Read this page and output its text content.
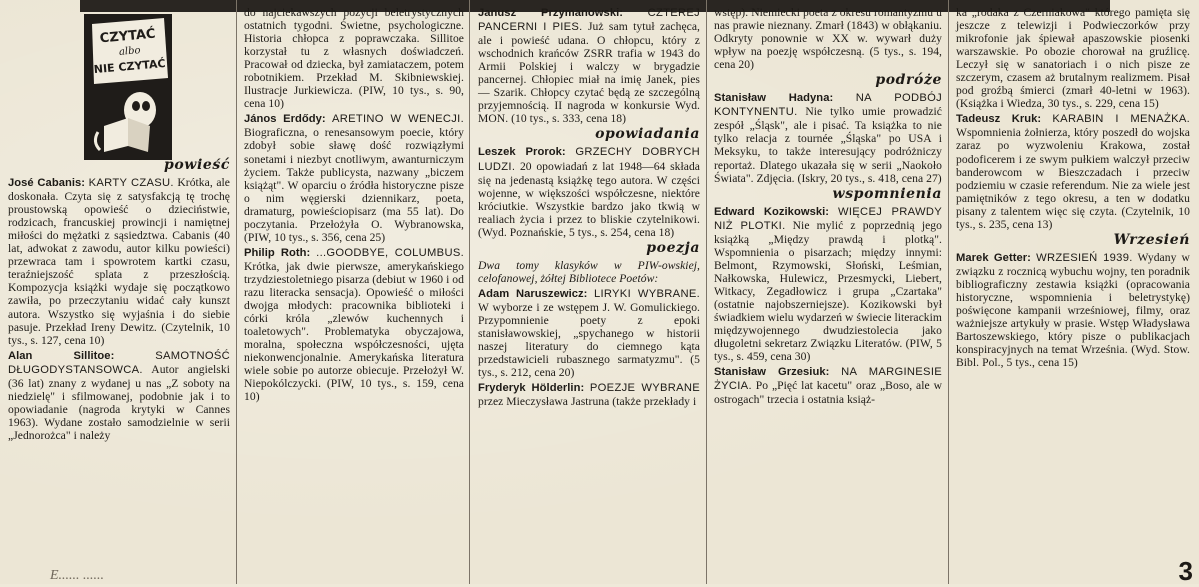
CZYTAĆ
albo
NIE CZYTAĆ
powieść

José Cabanis: KARTY CZASU. Krótka, ale doskonała. Czyta się z satysfakcją tę trochę proustowską opowieść o dzieciństwie, rodzicach, francuskiej prowincji i namiętnej miłości do mężatki z sąsiedztwa. Cabanis (40 lat, adwokat z zawodu, autor kilku powieści) przewraca tam i spowrotem kartki czasu, teraźniejszość splata z przeszłością. Kompozycja książki wydaje się początkowo zawiła, po przeczytaniu widać cały kunszt autora. Wszystko się wyjaśnia i do siebie pasuje. Przekład Ireny Dewitz. (Czytelnik, 10 tys., s. 127, cena 10)

Alan Sillitoe:	SAMOTNOŚĆ DŁUGODYSTANSOWCA. Autor angielski (36 lat) znany z wydanej u nas „Z soboty na niedzielę" i sfilmowanej, podobnie jak i to opowiadanie (nagroda krytyki w Cannes 1963). Wydane zostało samodzielnie w serii „Jednorożca" i należy

do najciekawszych pozycji beletrystycznych ostatnich tygodni. Świetne, psychologiczne. Historia chłopca z poprawczaka. Sillitoe korzystał tu z własnych doświadczeń. Pracował od dziecka, był zamiataczem, potem robotnikiem. Przekład M. Skibniewskiej. Ilustracje Jurkiewicza. (PIW, 10 tys., s. 90, cena 10)

János Erdődy: ARETINO W WENECJI. Biograficzna, o renesansowym poecie, który zdobył sobie sławę dość rozwiązłymi sonetami i niezbyt cnotliwym, awanturniczym życiem. Także publicysta, nazwany „biczem książąt". W oparciu o źródła historyczne pisze o nim węgierski dziennikarz, poeta, dramaturg, powieściopisarz (ma 55 lat). Do poczytania. Przełożyła O. Wybranowska, (PIW, 10 tys., s. 356, cena 25)

Philip Roth: ...GOODBYE, COLUMBUS. Krótka, jak dwie pierwsze, amerykańskiego trzydziestoletniego pisarza (debiut w 1960 i od razu literacka sensacja). Opowieść o miłości dwojga młodych: pracownika biblioteki i córki króla „zlewów kuchennych i toaletowych". Problematyka obyczajowa, moralna, społeczna współczesności, ujęta niekonwencjonalnie. Amerykańska literatura wiele sobie po autorze obiecuje. Przełożył W. Niepokólczycki. (PIW, 10 tys., s. 159, cena 10)

Janusz Przymanowski: CZTEREJ PANCERNI I PIES. Już sam tytuł zachęca, ale i powieść udana. O chłopcu, który z wschodnich krańców ZSRR trafia w 1943 do Armii Polskiej i walczy w brygadzie pancernej. Chłopiec miał na imię Janek, pies — Szarik. Chłopcy czytać będą ze szczególną przyjemnością. II nagroda w konkursie Wyd. MON. (10 tys., s. 333, cena 18)

opowiadania

Leszek Prorok: GRZECHY DOBRYCH LUDZI. 20 opowiadań z lat 1948—64 składa się na jedenastą książkę tego autora. W części wojenne, w większości współczesne, niektóre króciutkie. Wszystkie bardzo jako tkwią w realiach życia i przez to bliskie czytelnikowi. (Wyd. Poznańskie, 5 tys., s. 254, cena 18)

poezja

Dwa tomy klasyków w PIW-owskiej, celofanowej, żółtej Bibliotece Poetów:

Adam Naruszewicz: LIRYKI WYBRANE. W wyborze i ze wstępem J. W. Gomulickiego. Przypomnienie poety z epoki stanisławowskiej, „spychanego w historii naszej literatury do ciemnego kąta przedstawicieli rubasznego sarmatyzmu". (5 tys., s. 212, cena 20)

Fryderyk Hölderlin: POEZJE WYBRANE przez Mieczysława Jastruna (także przekłady i

wstęp). Niemiecki poeta z okresu romantyzmu u nas prawie nieznany. Zmarł (1843) w obłąkaniu. Odkryty ponownie w XX w. wywarł duży wpływ na poezję współczesną. (5 tys., s. 194, cena 20)

podróże

Stanisław Hadyna: NA PODBÓJ KONTYNENTU. Nie tylko umie prowadzić zespół „Śląsk", ale i pisać. Ta książka to nie tylko relacja z tournée „Śląska" po USA i Meksyku, to także interesujący podróżniczy reportaż. Dlatego ukazała się w serii „Naokoło Świata". Zdjęcia. (Iskry, 20 tys., s. 418, cena 27)

wspomnienia

Edward Kozikowski: WIĘCEJ PRAWDY NIŻ PLOTKI. Nie mylić z poprzednią jego książką „Między prawdą i plotką". Wspomnienia o pisarzach; między innymi: Belmont, Rzymowski, Słoński, Leśmian, Nałkowska, Hulewicz, Przesmycki, Liebert, Witkacy, Zegadłowicz i grupa „Czartaka" (ostatnie najobszerniejsze). Kozikowski był świadkiem wielu wydarzeń w świecie literackim międzywojennego dwudziestolecia jako długoletni sekretarz Związku Literatów. (PIW, 5 tys., s. 459, cena 30)

Stanisław Grzesiuk: NA MARGINESIE ŻYCIA. Po „Pięć lat kacetu" oraz „Boso, ale w ostrogach" trzecia i ostatnia książ-

ka „rodaka z Czerniakowa" którego pamięta się jeszcze z telewizji i Podwieczorków przy mikrofonie jak śpiewał apaszowskie piosenki warszawskie. Po obozie chorował na gruźlicę. Leczył się w sanatoriach i o nich pisze ze szczerym, czasem aż brutalnym realizmem. Pisał pod groźbą śmierci (zmarł 40-letni w 1963). (Książka i Wiedza, 30 tys., s. 229, cena 15)

Tadeusz Kruk: KARABIN I MENAŻKA. Wspomnienia żołnierza, który poszedł do wojska zaraz po wyzwoleniu Krakowa, został podoficerem i ze swym pułkiem walczył przeciw banderowcom w Bieszczadach i przeciw podziemiu w czasie referendum. Nie za wiele jest pamiętników z tego okresu, a ten w dodatku pisany z talentem więc się czyta. (Czytelnik, 10 tys., s. 235, cena 13)

Wrzesień

Marek Getter: WRZESIEŃ 1939. Wydany w związku z rocznicą wybuchu wojny, ten poradnik bibliograficzny zestawia książki (opracowania historyczne, wspomnienia i beletrystykę) poświęcone kampanii wrześniowej, filmy, oraz ważniejsze artykuły w prasie. Wstęp Władysława Bartoszewskiego, który pisze o publikacjach konspiracyjnych na temat Września. (Wyd. Stow. Bibl. Pol., 5 tys., cena 15)

E...... ......	3
